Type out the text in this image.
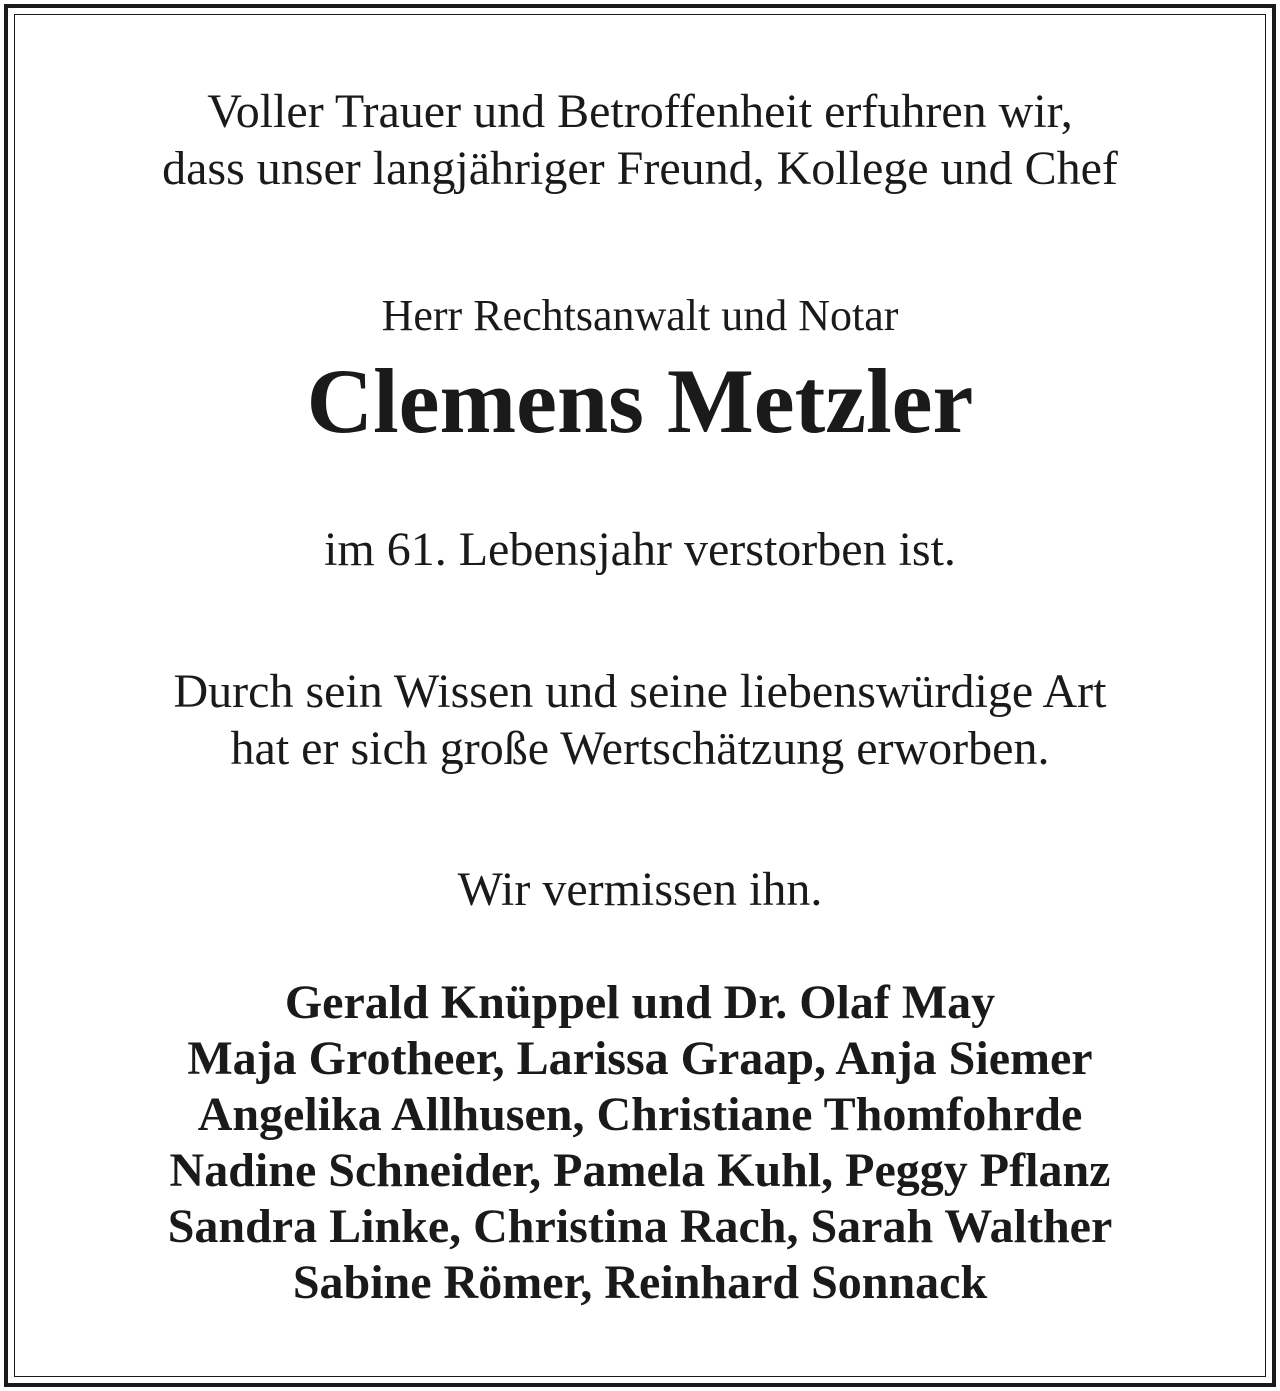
Voller Trauer und Betroffenheit erfuhren wir,
dass unser langjähriger Freund, Kollege und Chef
Herr Rechtsanwalt und Notar
Clemens Metzler
im 61. Lebensjahr verstorben ist.
Durch sein Wissen und seine liebenswürdige Art
hat er sich große Wertschätzung erworben.
Wir vermissen ihn.
Gerald Knüppel und Dr. Olaf May
Maja Grotheer, Larissa Graap, Anja Siemer
Angelika Allhusen, Christiane Thomfohrde
Nadine Schneider, Pamela Kuhl, Peggy Pflanz
Sandra Linke, Christina Rach, Sarah Walther
Sabine Römer, Reinhard Sonnack
